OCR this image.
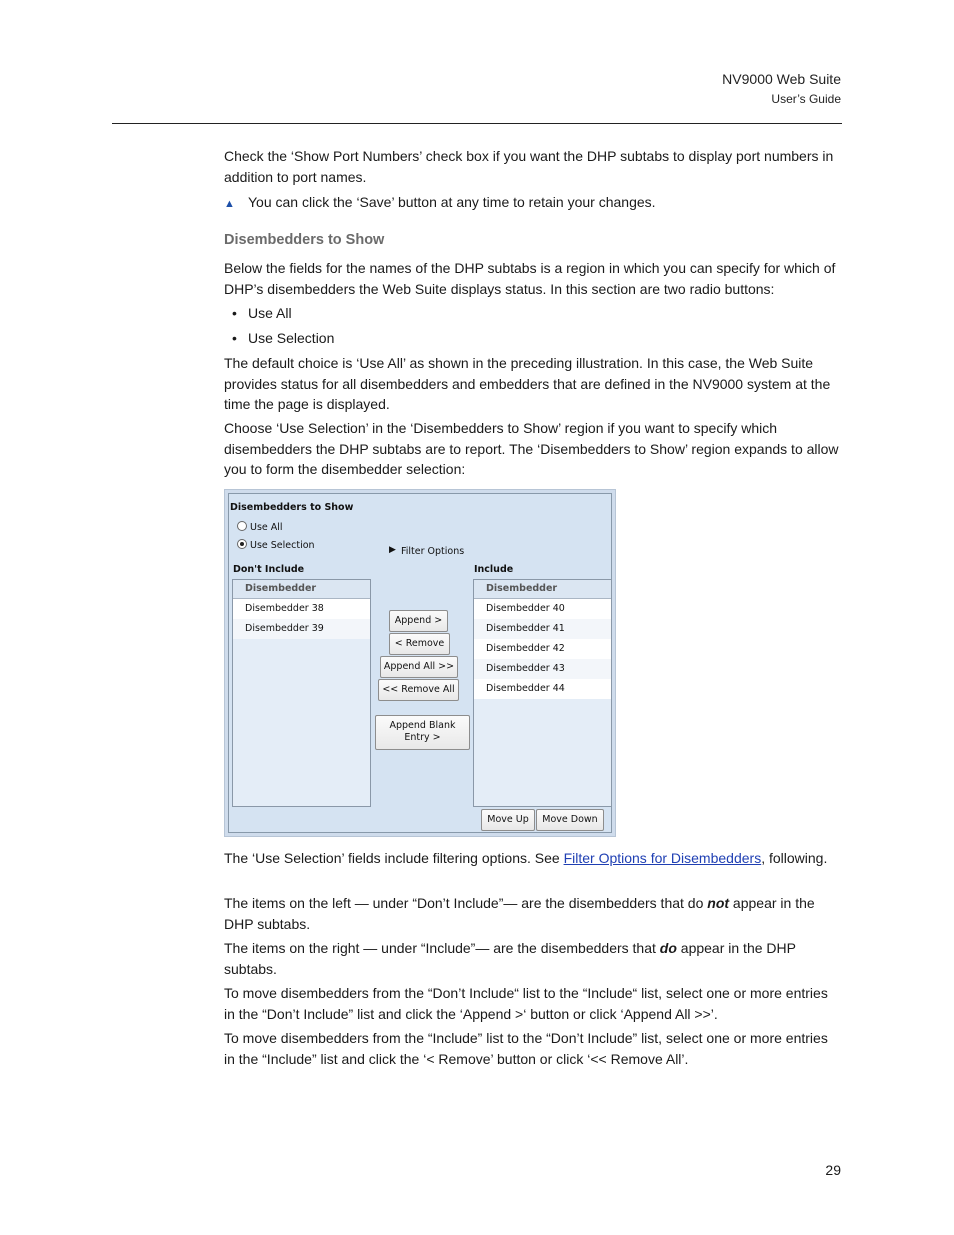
NV9000 Web Suite
User’s Guide
Check the ‘Show Port Numbers’ check box if you want the DHP subtabs to display port numbers in addition to port names.
▲ You can click the ‘Save’ button at any time to retain your changes.
Disembedders to Show
Below the fields for the names of the DHP subtabs is a region in which you can specify for which of DHP’s disembedders the Web Suite displays status. In this section are two radio buttons:
• Use All
• Use Selection
The default choice is ‘Use All’ as shown in the preceding illustration. In this case, the Web Suite provides status for all disembedders and embedders that are defined in the NV9000 system at the time the page is displayed.
Choose ‘Use Selection’ in the ‘Disembedders to Show’ region if you want to specify which disembedders the DHP subtabs are to report. The ‘Disembedders to Show’ region expands to allow you to form the disembedder selection:
Disembedders to Show
Use All
Use Selection	▶ Filter Options
Don't Include	Include
Disembedder
Disembedder 38
Disembedder 39
Disembedder
Disembedder 40
Disembedder 41
Disembedder 42
Disembedder 43
Disembedder 44
Append >
< Remove
Append All >>
<< Remove All
Append Blank
Entry >
Move Up	Move Down
The ‘Use Selection’ fields include filtering options. See Filter Options for Disembedders, following.
The items on the left — under “Don’t Include”— are the disembedders that do not appear in the DHP subtabs.
The items on the right — under “Include”— are the disembedders that do appear in the DHP subtabs.
To move disembedders from the “Don’t Include“ list to the “Include“ list, select one or more entries in the “Don’t Include” list and click the ‘Append >‘ button or click ‘Append All >>’.
To move disembedders from the “Include” list to the “Don’t Include” list, select one or more entries in the “Include” list and click the ‘< Remove’ button or click ‘<< Remove All’.
29
